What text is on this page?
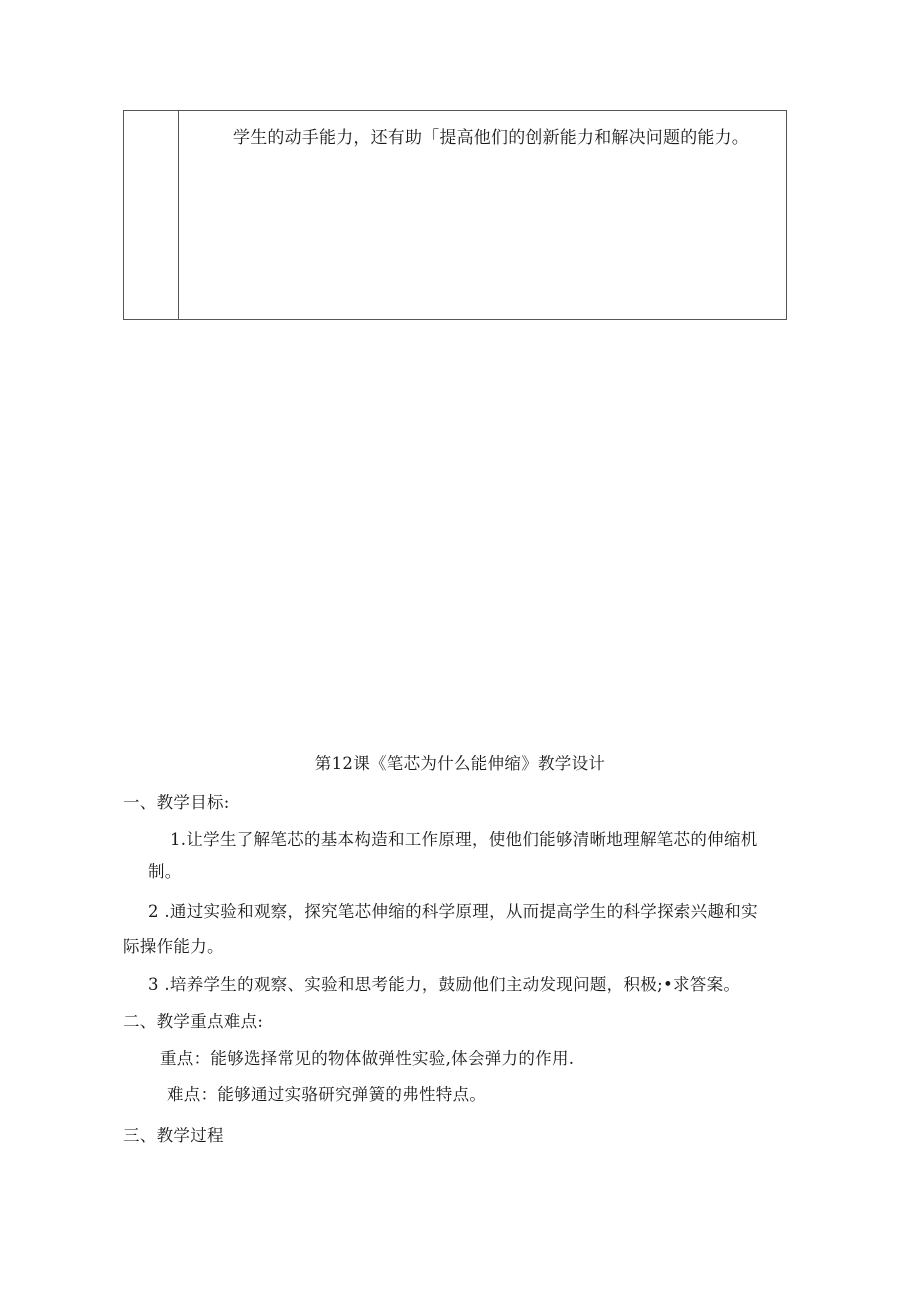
学生的动手能力，还有助「提高他们的创新能力和解决问题的能力。
第12课《笔芯为什么能伸缩》教学设计
一、教学目标:
1.让学生了解笔芯的基本构造和工作原理，使他们能够清晰地理解笔芯的伸缩机
制。
2 .通过实验和观察，探究笔芯伸缩的科学原理，从而提高学生的科学探索兴趣和实
际操作能力。
3 .培养学生的观察、实验和思考能力，鼓励他们主动发现问题，积极;•求答案。
二、教学重点难点:
重点：能够选择常见的物体做弹性实验,体会弹力的作用.
难点：能够通过实骆研究弹簧的弗性特点。
三、教学过程
